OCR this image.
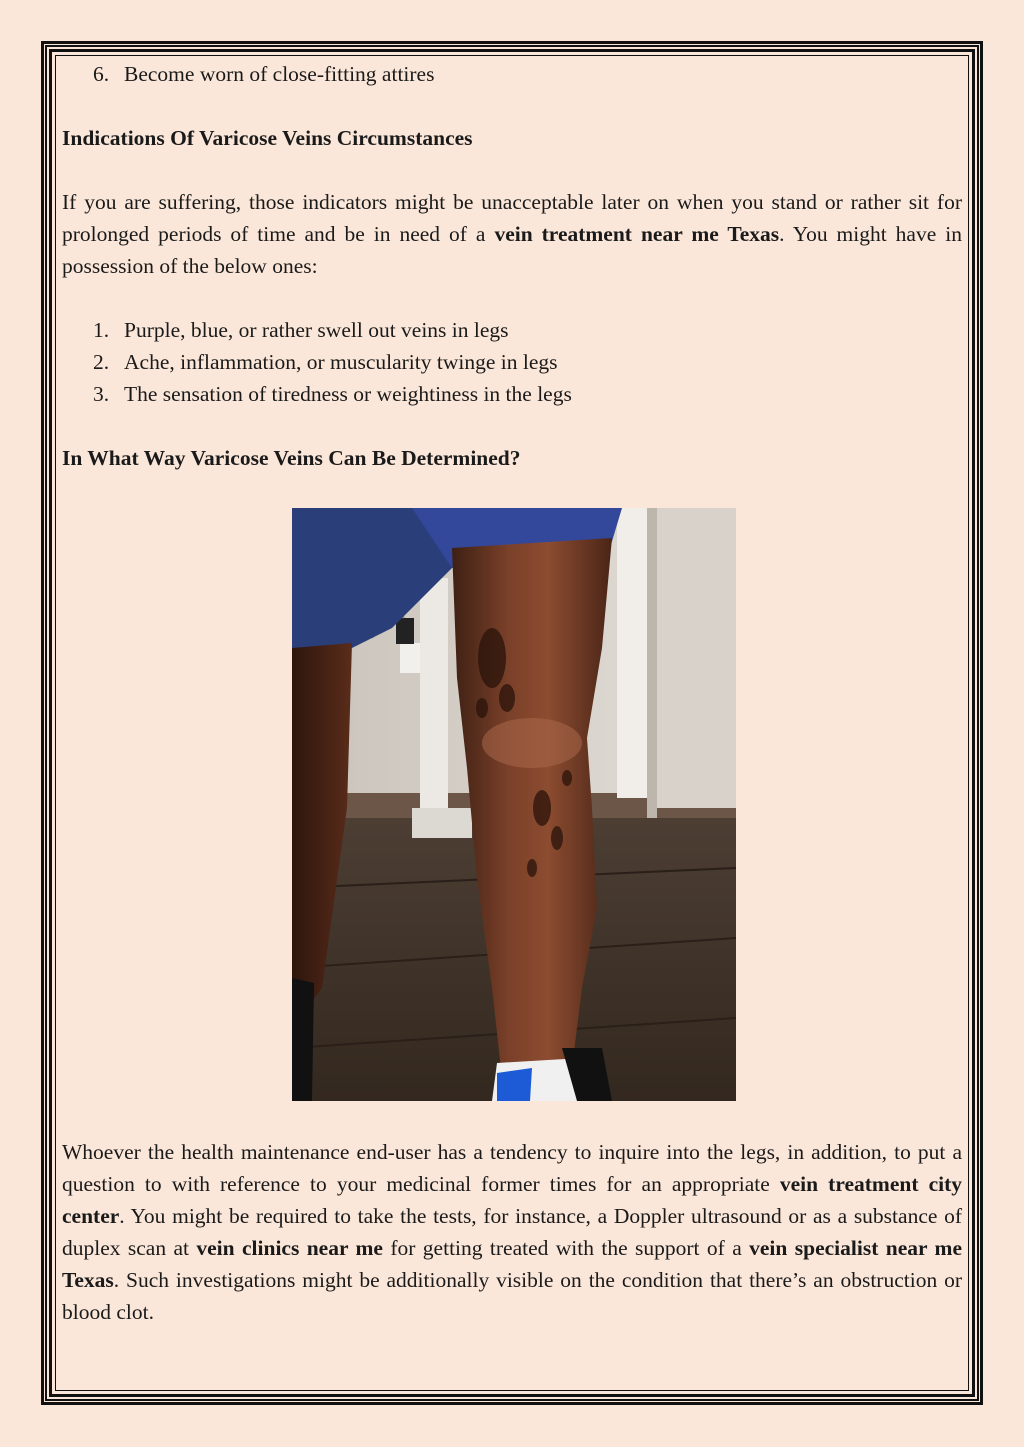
6. Become worn of close-fitting attires
Indications Of Varicose Veins Circumstances

If you are suffering, those indicators might be unacceptable later on when you stand or rather sit for prolonged periods of time and be in need of a vein treatment near me Texas. You might have in possession of the below ones:

1. Purple, blue, or rather swell out veins in legs
2. Ache, inflammation, or muscularity twinge in legs
3. The sensation of tiredness or weightiness in the legs
In What Way Varicose Veins Can Be Determined?

Whoever the health maintenance end-user has a tendency to inquire into the legs, in addition, to put a question to with reference to your medicinal former times for an appropriate vein treatment city center. You might be required to take the tests, for instance, a Doppler ultrasound or as a substance of duplex scan at vein clinics near me for getting treated with the support of a vein specialist near me Texas. Such investigations might be additionally visible on the condition that there’s an obstruction or blood clot.
